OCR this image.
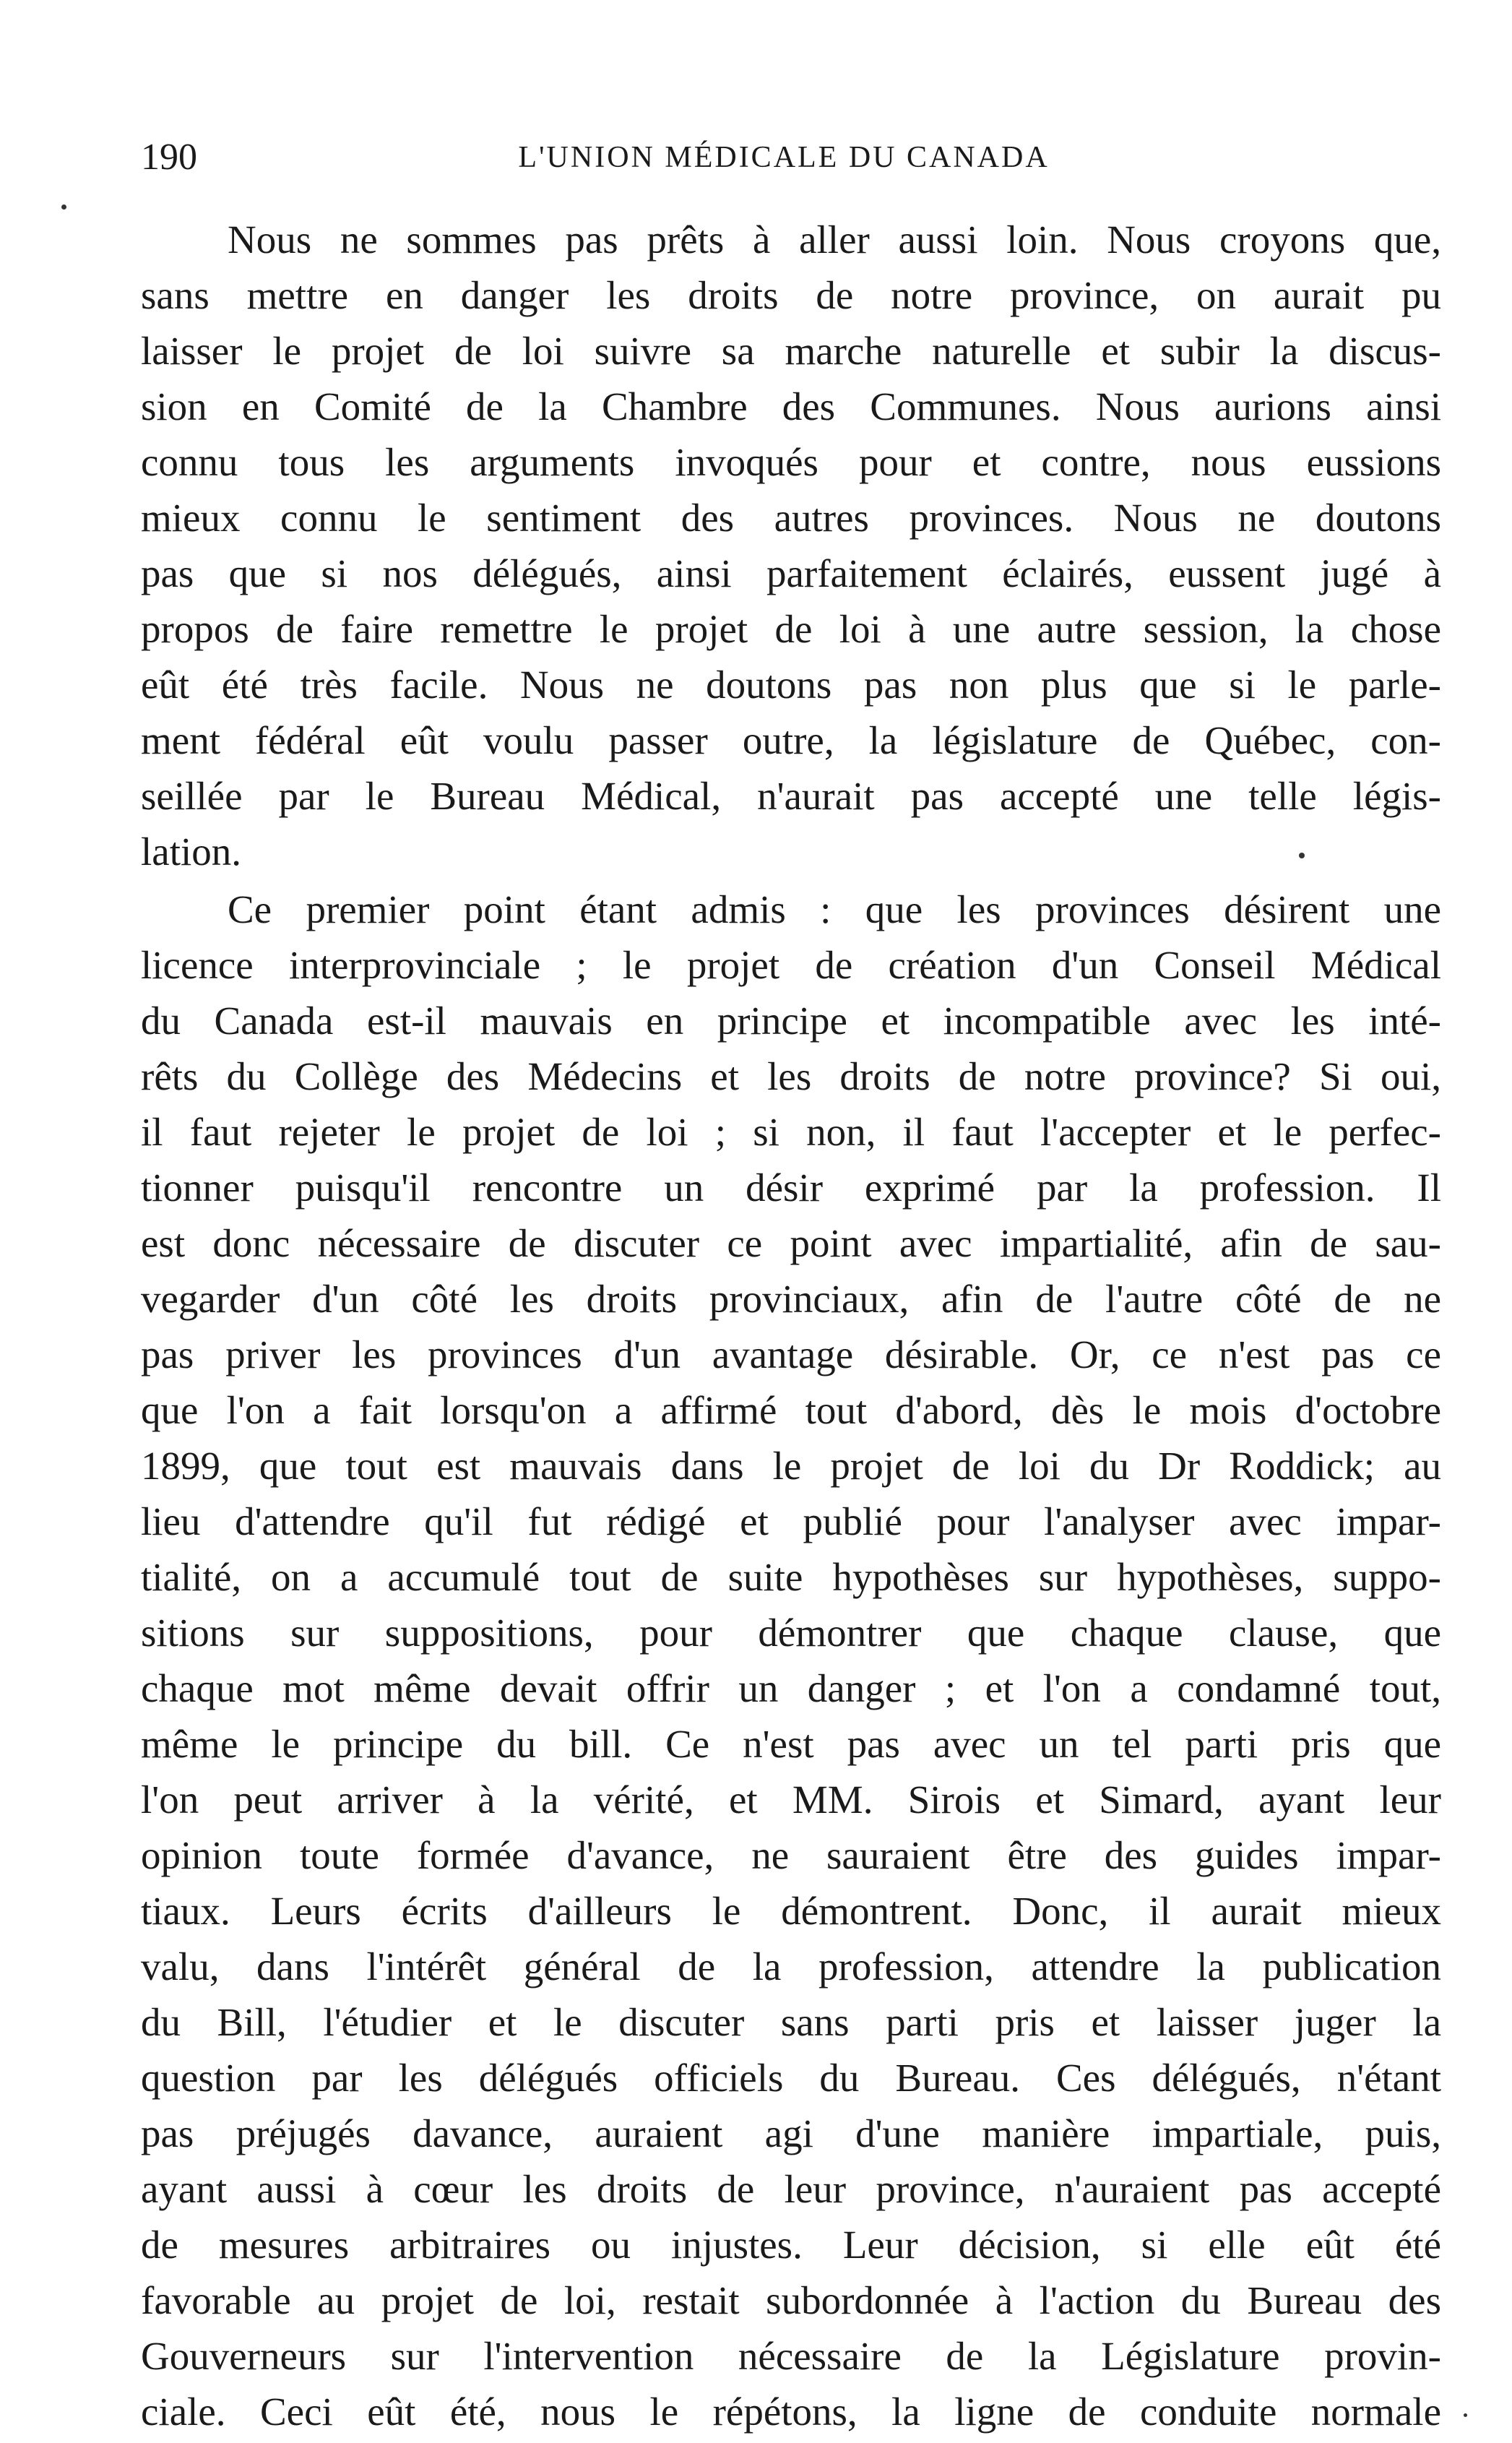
190	L'UNION MÉDICALE DU CANADA
Nous ne sommes pas prêts à aller aussi loin. Nous croyons que,
sans mettre en danger les droits de notre province, on aurait pu
laisser le projet de loi suivre sa marche naturelle et subir la discus-
sion en Comité de la Chambre des Communes. Nous aurions ainsi
connu tous les arguments invoqués pour et contre, nous eussions
mieux connu le sentiment des autres provinces. Nous ne doutons
pas que si nos délégués, ainsi parfaitement éclairés, eussent jugé à
propos de faire remettre le projet de loi à une autre session, la chose
eût été très facile. Nous ne doutons pas non plus que si le parle-
ment fédéral eût voulu passer outre, la législature de Québec, con-
seillée par le Bureau Médical, n'aurait pas accepté une telle légis-
lation.
Ce premier point étant admis : que les provinces désirent une
licence interprovinciale ; le projet de création d'un Conseil Médical
du Canada est-il mauvais en principe et incompatible avec les inté-
rêts du Collège des Médecins et les droits de notre province? Si oui,
il faut rejeter le projet de loi ; si non, il faut l'accepter et le perfec-
tionner puisqu'il rencontre un désir exprimé par la profession. Il
est donc nécessaire de discuter ce point avec impartialité, afin de sau-
vegarder d'un côté les droits provinciaux, afin de l'autre côté de ne
pas priver les provinces d'un avantage désirable. Or, ce n'est pas ce
que l'on a fait lorsqu'on a affirmé tout d'abord, dès le mois d'octobre
1899, que tout est mauvais dans le projet de loi du Dr Roddick; au
lieu d'attendre qu'il fut rédigé et publié pour l'analyser avec impar-
tialité, on a accumulé tout de suite hypothèses sur hypothèses, suppo-
sitions sur suppositions, pour démontrer que chaque clause, que
chaque mot même devait offrir un danger ; et l'on a condamné tout,
même le principe du bill. Ce n'est pas avec un tel parti pris que
l'on peut arriver à la vérité, et MM. Sirois et Simard, ayant leur
opinion toute formée d'avance, ne sauraient être des guides impar-
tiaux. Leurs écrits d'ailleurs le démontrent. Donc, il aurait mieux
valu, dans l'intérêt général de la profession, attendre la publication
du Bill, l'étudier et le discuter sans parti pris et laisser juger la
question par les délégués officiels du Bureau. Ces délégués, n'étant
pas préjugés davance, auraient agi d'une manière impartiale, puis,
ayant aussi à cœur les droits de leur province, n'auraient pas accepté
de mesures arbitraires ou injustes. Leur décision, si elle eût été
favorable au projet de loi, restait subordonnée à l'action du Bureau des
Gouverneurs sur l'intervention nécessaire de la Législature provin-
ciale. Ceci eût été, nous le répétons, la ligne de conduite normale
